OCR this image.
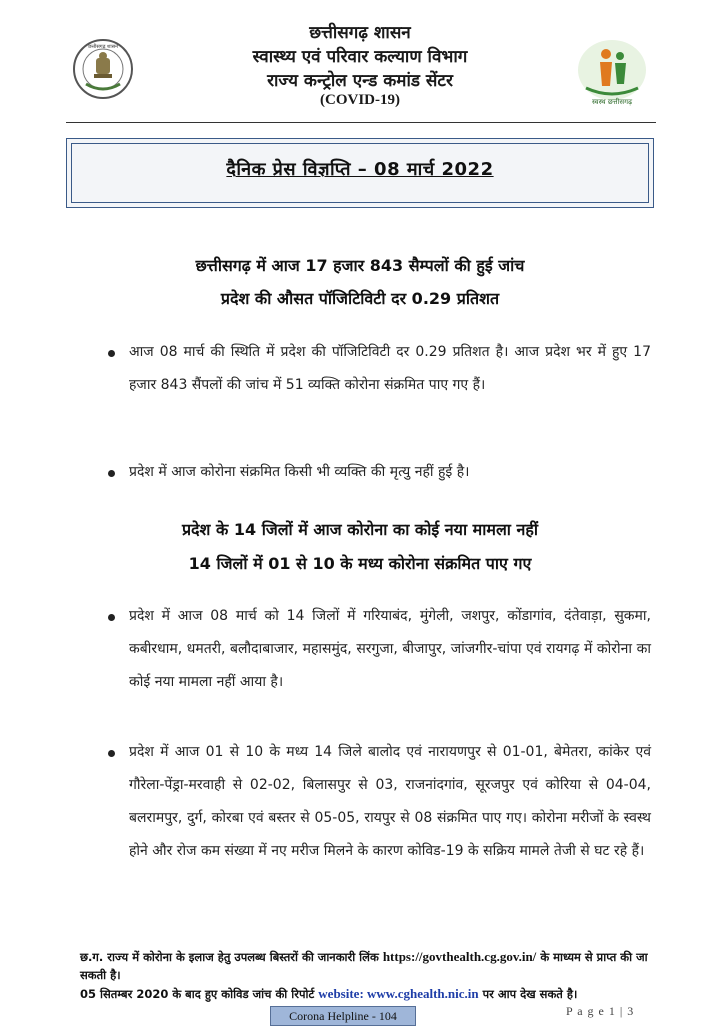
छत्तीसगढ़ शासन
स्वस्थ छत्तीसगढ़
छत्तीसगढ़ शासन
स्वास्थ्य एवं परिवार कल्याण विभाग
राज्य कन्ट्रोल एन्ड कमांड सेंटर
(COVID-19)
दैनिक प्रेस विज्ञप्ति – 08 मार्च 2022
छत्तीसगढ़ में आज 17 हजार 843 सैम्पलों की हुई जांच
प्रदेश की औसत पॉजिटिविटी दर 0.29 प्रतिशत
आज 08 मार्च की स्थिति में प्रदेश की पॉजिटिविटी दर 0.29 प्रतिशत है। आज प्रदेश भर में हुए 17 हजार 843 सैंपलों की जांच में 51 व्यक्ति कोरोना संक्रमित पाए गए हैं।
प्रदेश में आज कोरोना संक्रमित किसी भी व्यक्ति की मृत्यु नहीं हुई है।
प्रदेश के 14 जिलों में आज कोरोना का कोई नया मामला नहीं
14 जिलों में 01 से 10 के मध्य कोरोना संक्रमित पाए गए
प्रदेश में आज 08 मार्च को 14 जिलों में गरियाबंद, मुंगेली, जशपुर, कोंडागांव, दंतेवाड़ा, सुकमा, कबीरधाम, धमतरी, बलौदाबाजार, महासमुंद, सरगुजा, बीजापुर, जांजगीर-चांपा एवं रायगढ़ में कोरोना का कोई नया मामला नहीं आया है।
प्रदेश में आज 01 से 10 के मध्य 14 जिले बालोद एवं नारायणपुर से 01-01, बेमेतरा, कांकेर एवं गौरेला-पेंड्रा-मरवाही से 02-02, बिलासपुर से 03, राजनांदगांव, सूरजपुर एवं कोरिया से 04-04, बलरामपुर, दुर्ग, कोरबा एवं बस्तर से 05-05, रायपुर से 08 संक्रमित पाए गए। कोरोना मरीजों के स्वस्थ होने और रोज कम संख्या में नए मरीज मिलने के कारण कोविड-19 के सक्रिय मामले तेजी से घट रहे हैं।
छ.ग. राज्य में कोरोना के इलाज हेतु उपलब्ध बिस्तरों की जानकारी लिंक https://govthealth.cg.gov.in/ के माध्यम से प्राप्त की जा सकती है।
05 सितम्बर 2020 के बाद हुए कोविड जांच की रिपोर्ट website: www.cghealth.nic.in पर आप देख सकते है।
Corona Helpline - 104	P a g e 1 | 3
